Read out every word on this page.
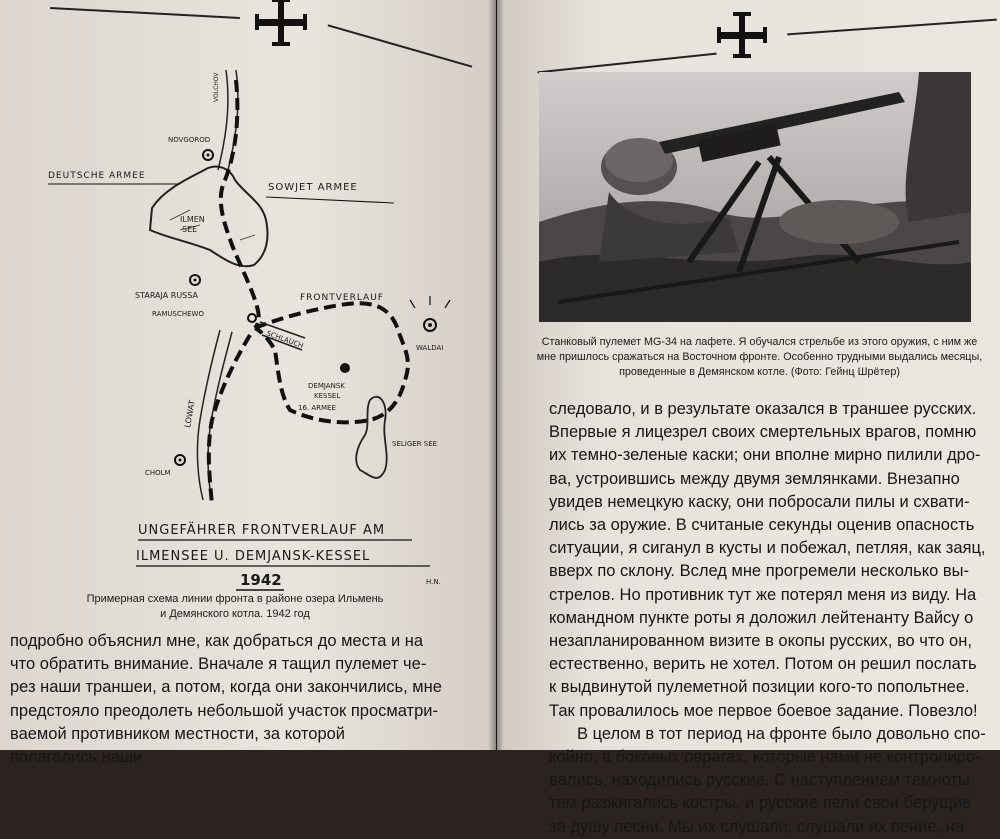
VOLCHOV
NOVGOROD
DEUTSCHE ARMEE
SOWJET ARMEE
ILMEN
SEE
STARAJA RUSSA
RAMUSCHEWO
FRONTVERLAUF
WALDAI
SCHLAUCH
LOWAT
DEMJANSK
KESSEL
16. ARMEE
SELIGER SEE
CHOLM
UNGEFÄHRER FRONTVERLAUF AM
ILMENSEE U. DEMJANSK-KESSEL
1942	H.N.
Примерная схема линии фронта в районе озера Ильмень
и Демянского котла. 1942 год
подробно объяснил мне, как добраться до места и на
что обратить внимание. Вначале я тащил пулемет че-
рез наши траншеи, а потом, когда они закончились, мне
предстояло преодолеть небольшой участок просматри-
ваемой противником местности, за которой
полагались наши
Станковый пулемет MG-34 на лафете. Я обучался стрельбе из этого оружия, с ним же
мне пришлось сражаться на Восточном фронте. Особенно трудными выдались месяцы,
проведенные в Демянском котле. (Фото: Гейнц Шрётер)
следовало, и в результате оказался в траншее русских.
Впервые я лицезрел своих смертельных врагов, помню
их темно-зеленые каски; они вполне мирно пилили дро-
ва, устроившись между двумя землянками. Внезапно
увидев немецкую каску, они побросали пилы и схвати-
лись за оружие. В считаные секунды оценив опасность
ситуации, я сиганул в кусты и побежал, петляя, как заяц,
вверх по склону. Вслед мне прогремели несколько вы-
стрелов. Но противник тут же потерял меня из виду. На
командном пункте роты я доложил лейтенанту Вайсу о
незапланированном визите в окопы русских, во что он,
естественно, верить не хотел. Потом он решил послать
к выдвинутой пулеметной позиции кого-то попольтнее.
Так провалилось мое первое боевое задание. Повезло!
В целом в тот период на фронте было довольно спо-
койно, в боковых оврагах, которые нами не контролиро-
вались, находились русские. С наступлением темноты
там разжигались костры, и русские пели свои берущие
за душу песни. Мы их слушали, слушали их пение, на
